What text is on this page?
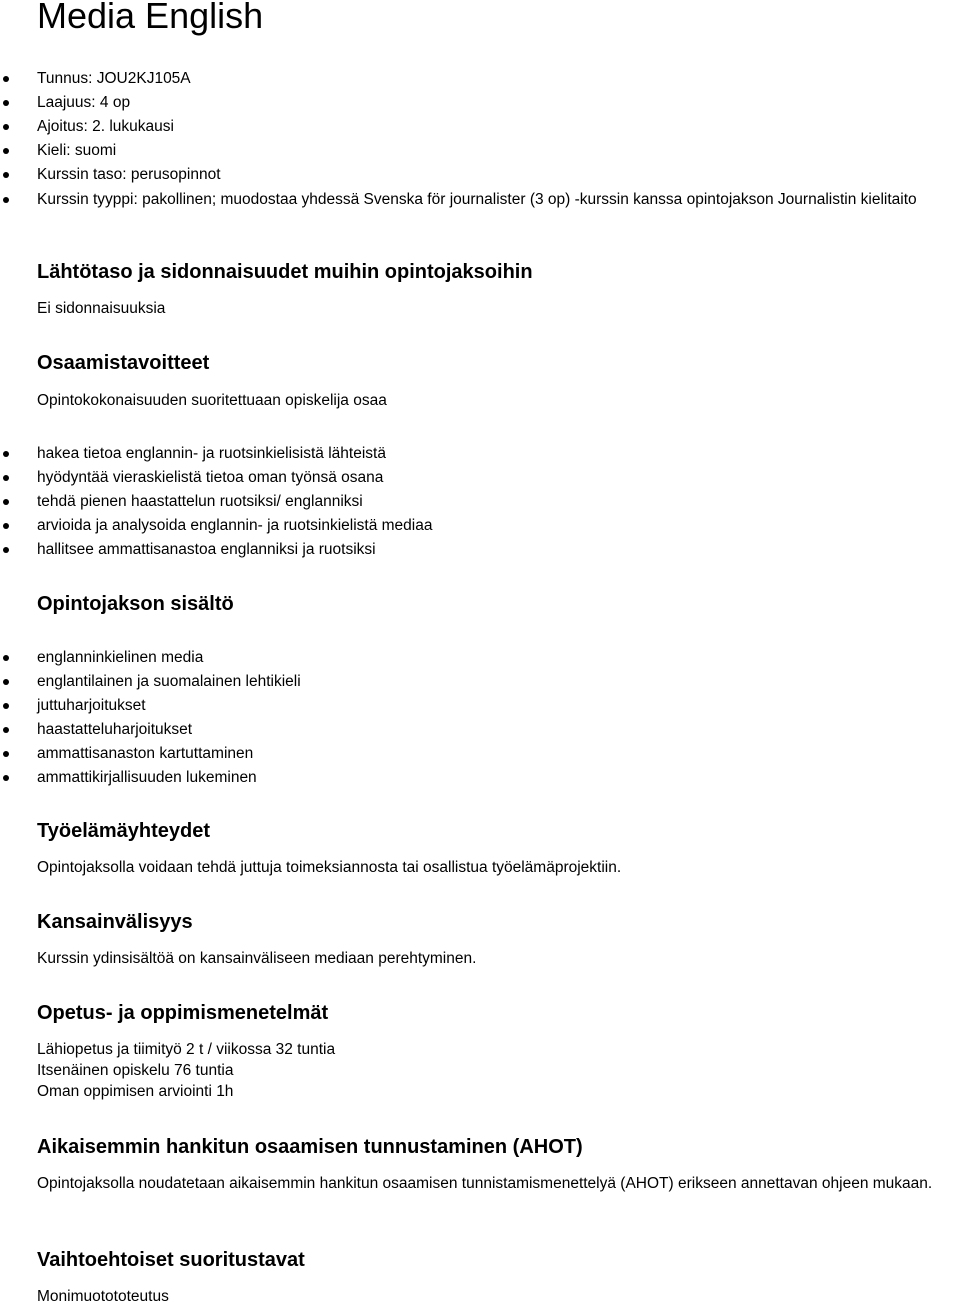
Media English
Tunnus: JOU2KJ105A
Laajuus: 4 op
Ajoitus: 2. lukukausi
Kieli: suomi
Kurssin taso: perusopinnot
Kurssin tyyppi: pakollinen; muodostaa yhdessä Svenska för journalister (3 op) -kurssin kanssa opintojakson Journalistin kielitaito
Lähtötaso ja sidonnaisuudet muihin opintojaksoihin

Ei sidonnaisuuksia

Osaamistavoitteet

Opintokokonaisuuden suoritettuaan opiskelija osaa

hakea tietoa englannin- ja ruotsinkielisistä lähteistä
hyödyntää vieraskielistä tietoa oman työnsä osana
tehdä pienen haastattelun ruotsiksi/ englanniksi
arvioida ja analysoida englannin- ja ruotsinkielistä mediaa
hallitsee ammattisanastoa englanniksi ja ruotsiksi
Opintojakson sisältö
englanninkielinen media
englantilainen ja suomalainen lehtikieli
juttuharjoitukset
haastatteluharjoitukset
ammattisanaston kartuttaminen
ammattikirjallisuuden lukeminen
Työelämäyhteydet

Opintojaksolla voidaan tehdä juttuja toimeksiannosta tai osallistua työelämäprojektiin.

Kansainvälisyys

Kurssin ydinsisältöä on kansainväliseen mediaan perehtyminen.

Opetus- ja oppimismenetelmät

Lähiopetus ja tiimityö 2 t / viikossa 32 tuntia

Itsenäinen opiskelu 76 tuntia

Oman oppimisen arviointi 1h

Aikaisemmin hankitun osaamisen tunnustaminen (AHOT)

Opintojaksolla noudatetaan aikaisemmin hankitun osaamisen tunnistamismenettelyä (AHOT) erikseen annettavan ohjeen mukaan.

Vaihtoehtoiset suoritustavat

Monimuotototeutus
